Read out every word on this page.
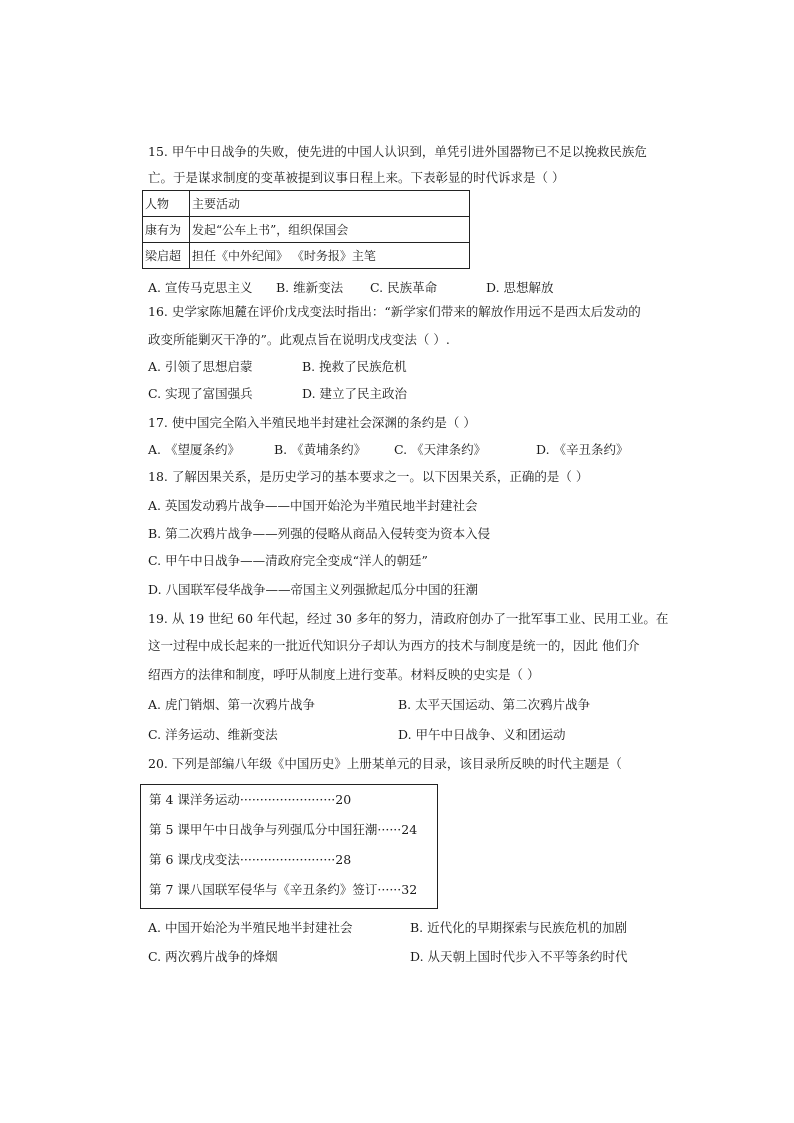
15. 甲午中日战争的失败，使先进的中国人认识到，单凭引进外国器物已不足以挽救民族危
亡。于是谋求制度的变革被提到议事日程上来。下表彰显的时代诉求是（ ）
人物	主要活动
康有为	发起“公车上书”，组织保国会
梁启超	担任《中外纪闻》 《时务报》主笔
A. 宣传马克思主义 B. 维新变法 C. 民族革命	D. 思想解放
16. 史学家陈旭麓在评价戊戌变法时指出：“新学家们带来的解放作用远不是西太后发动的
政变所能剿灭干净的”。此观点旨在说明戊戌变法（ ）.
A. 引领了思想启蒙	B. 挽救了民族危机
C. 实现了富国强兵	D. 建立了民主政治
17. 使中国完全陷入半殖民地半封建社会深渊的条约是（ ）
A. 《望厦条约》	B. 《黄埔条约》 C. 《天津条约》	D. 《辛丑条约》
18. 了解因果关系，是历史学习的基本要求之一。以下因果关系，正确的是（ ）
A. 英国发动鸦片战争——中国开始沦为半殖民地半封建社会
B. 第二次鸦片战争——列强的侵略从商品入侵转变为资本入侵
C. 甲午中日战争——清政府完全变成“洋人的朝廷”
D. 八国联军侵华战争——帝国主义列强掀起瓜分中国的狂潮
19. 从 19 世纪 60 年代起，经过 30 多年的努力，清政府创办了一批军事工业、民用工业。在
这一过程中成长起来的一批近代知识分子却认为西方的技术与制度是统一的，因此 他们介
绍西方的法律和制度，呼吁从制度上进行变革。材料反映的史实是（ ）
A. 虎门销烟、第一次鸦片战争	B. 太平天国运动、第二次鸦片战争
C. 洋务运动、维新变法	D. 甲午中日战争、义和团运动
20. 下列是部编八年级《中国历史》上册某单元的目录，该目录所反映的时代主题是（
第 4 课洋务运动························20
第 5 课甲午中日战争与列强瓜分中国狂潮······24
第 6 课戊戌变法························28
第 7 课八国联军侵华与《辛丑条约》签订······32
A. 中国开始沦为半殖民地半封建社会	B. 近代化的早期探索与民族危机的加剧
C. 两次鸦片战争的烽烟	D. 从天朝上国时代步入不平等条约时代
